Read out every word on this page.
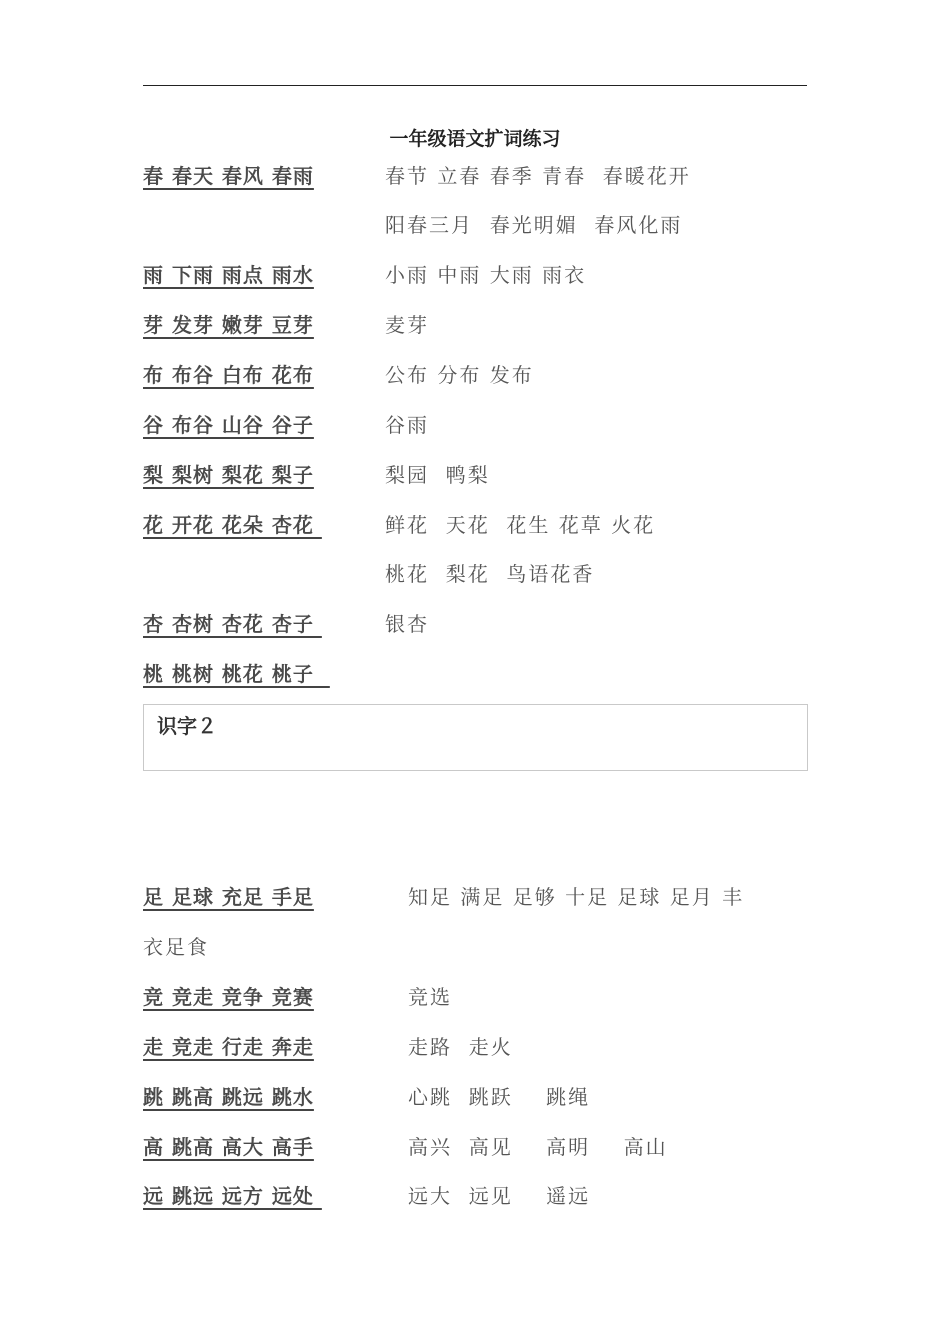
一年级语文扩词练习
春 春天 春风 春雨	春节 立春 春季 青春  春暖花开
阳春三月  春光明媚  春风化雨
雨 下雨 雨点 雨水	小雨 中雨 大雨 雨衣
芽 发芽 嫩芽 豆芽	麦芽
布 布谷 白布 花布	公布 分布 发布
谷 布谷 山谷 谷子	谷雨
梨 梨树 梨花 梨子	梨园  鸭梨
花 开花 花朵 杏花	鲜花  天花  花生 花草 火花
桃花  梨花  鸟语花香
杏 杏树 杏花 杏子	银杏
桃 桃树 桃花 桃子
识字２
足 足球 充足 手足	知足 满足 足够 十足 足球 足月 丰
衣足食
竞 竞走 竞争 竞赛	竞选
走 竞走 行走 奔走	走路  走火
跳 跳高 跳远 跳水	心跳  跳跃    跳绳
高 跳高 高大 高手	高兴  高见    高明    高山
远 跳远 远方 远处	远大  远见    遥远
